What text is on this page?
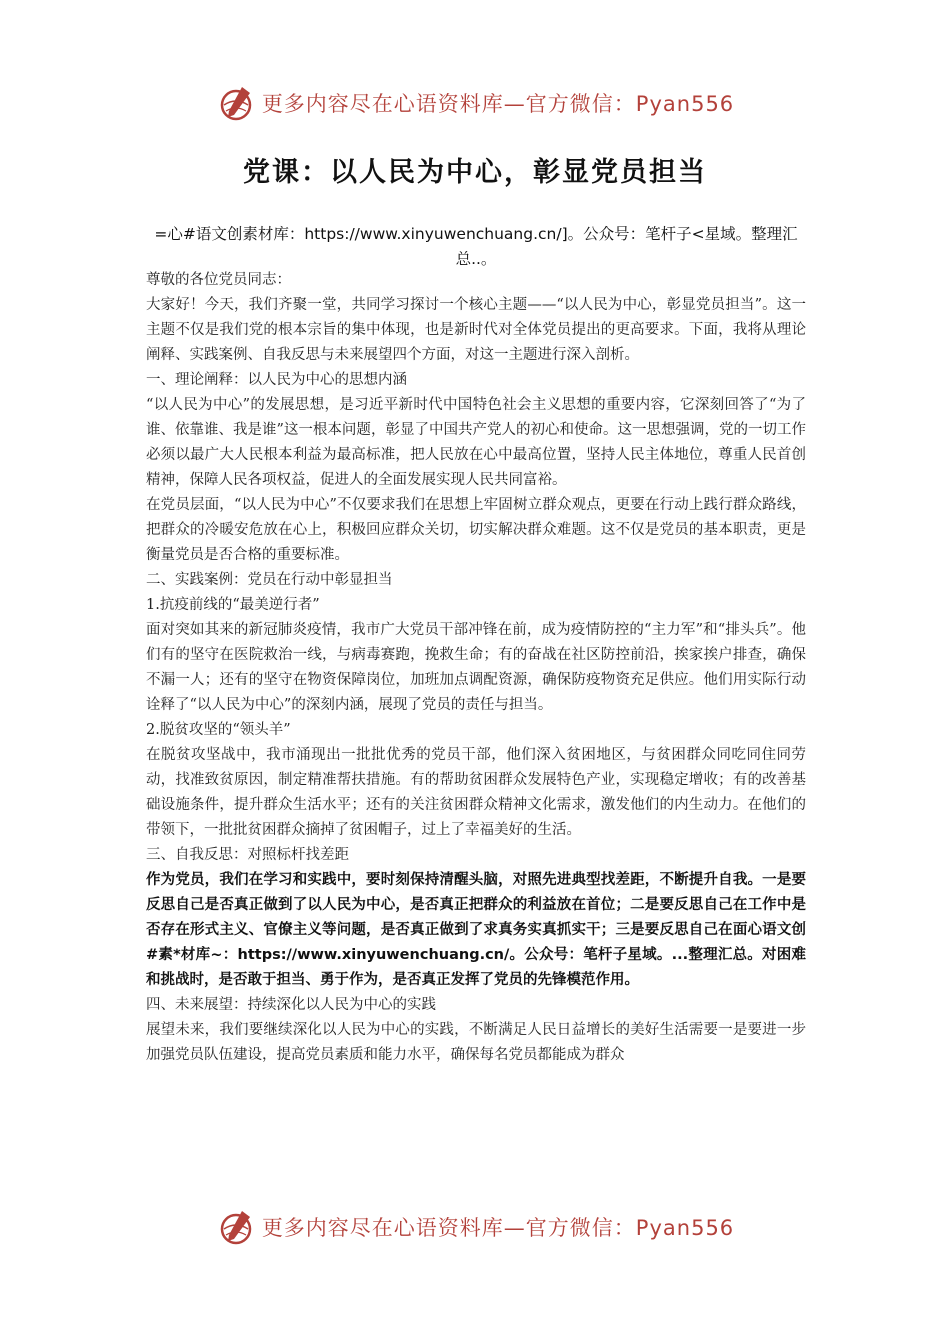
更多内容尽在心语资料库—官方微信：Pyan556
党课：以人民为中心，彰显党员担当
=心#语文创素材库：https://www.xinyuwenchuang.cn/]。公众号：笔杆子<星域。整理汇总..。

尊敬的各位党员同志：

大家好！今天，我们齐聚一堂，共同学习探讨一个核心主题——“以人民为中心，彰显党员担当”。这一主题不仅是我们党的根本宗旨的集中体现，也是新时代对全体党员提出的更高要求。下面，我将从理论阐释、实践案例、自我反思与未来展望四个方面，对这一主题进行深入剖析。

一、理论阐释：以人民为中心的思想内涵

“以人民为中心”的发展思想，是习近平新时代中国特色社会主义思想的重要内容，它深刻回答了“为了谁、依靠谁、我是谁”这一根本问题，彰显了中国共产党人的初心和使命。这一思想强调，党的一切工作必须以最广大人民根本利益为最高标准，把人民放在心中最高位置，坚持人民主体地位，尊重人民首创精神，保障人民各项权益，促进人的全面发展实现人民共同富裕。

在党员层面，“以人民为中心”不仅要求我们在思想上牢固树立群众观点，更要在行动上践行群众路线，把群众的冷暖安危放在心上，积极回应群众关切，切实解决群众难题。这不仅是党员的基本职责，更是衡量党员是否合格的重要标准。

二、实践案例：党员在行动中彰显担当

1.抗疫前线的“最美逆行者”

面对突如其来的新冠肺炎疫情，我市广大党员干部冲锋在前，成为疫情防控的“主力军”和“排头兵”。他们有的坚守在医院救治一线，与病毒赛跑，挽救生命；有的奋战在社区防控前沿，挨家挨户排查，确保不漏一人；还有的坚守在物资保障岗位，加班加点调配资源，确保防疫物资充足供应。他们用实际行动诠释了“以人民为中心”的深刻内涵，展现了党员的责任与担当。

2.脱贫攻坚的“领头羊”

在脱贫攻坚战中，我市涌现出一批批优秀的党员干部，他们深入贫困地区，与贫困群众同吃同住同劳动，找准致贫原因，制定精准帮扶措施。有的帮助贫困群众发展特色产业，实现稳定增收；有的改善基础设施条件，提升群众生活水平；还有的关注贫困群众精神文化需求，激发他们的内生动力。在他们的带领下，一批批贫困群众摘掉了贫困帽子，过上了幸福美好的生活。

三、自我反思：对照标杆找差距

作为党员，我们在学习和实践中，要时刻保持清醒头脑，对照先进典型找差距，不断提升自我。一是要反思自己是否真正做到了以人民为中心，是否真正把群众的利益放在首位；二是要反思自己在工作中是否存在形式主义、官僚主义等问题，是否真正做到了求真务实真抓实干；三是要反思自己在面心语文创#素*材库~：https://www.xinyuwenchuang.cn/。公众号：笔杆子星域。...整理汇总。对困难和挑战时，是否敢于担当、勇于作为，是否真正发挥了党员的先锋模范作用。

四、未来展望：持续深化以人民为中心的实践

展望未来，我们要继续深化以人民为中心的实践，不断满足人民日益增长的美好生活需要一是要进一步加强党员队伍建设，提高党员素质和能力水平，确保每名党员都能成为群众

更多内容尽在心语资料库—官方微信：Pyan556
